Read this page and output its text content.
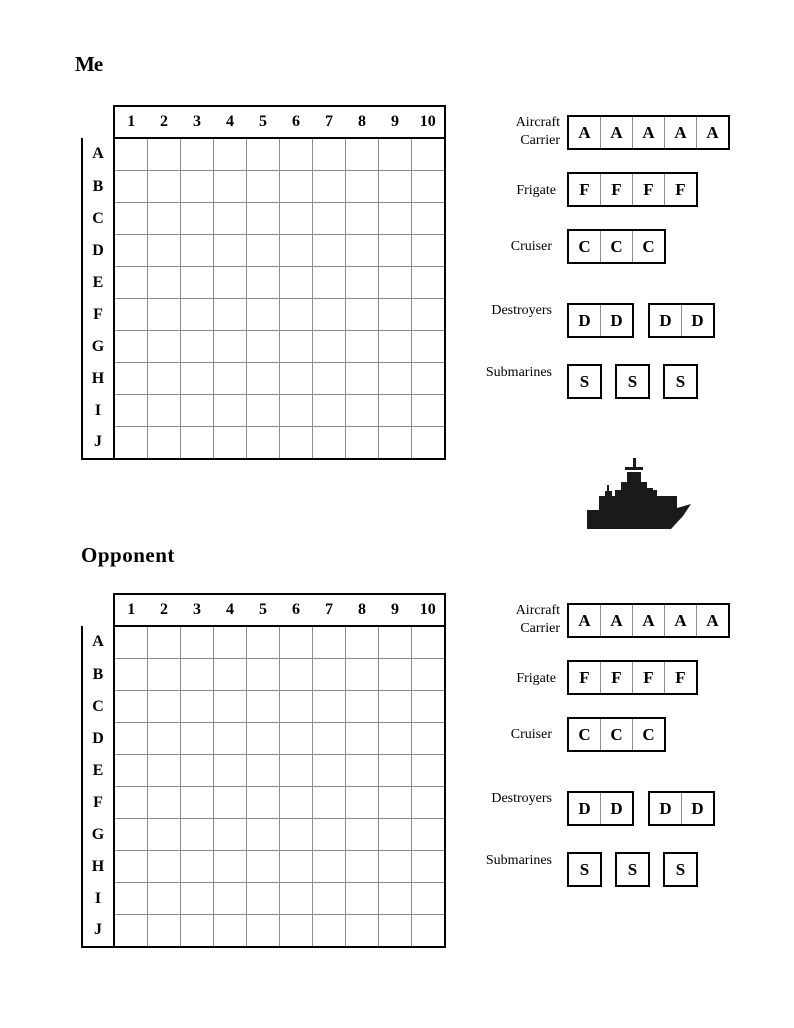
Me
	1	2	3	4	5	6	7	8	9	10
A										
B										
C										
D										
E										
F										
G										
H										
I										
J										
Aircraft
Carrier	A	A	A	A	A
Frigate	F	F	F	F
Cruiser	C	C	C
Destroyers	D	D	D	D
Submarines	S	S	S
Opponent
	1	2	3	4	5	6	7	8	9	10
A										
B										
C										
D										
E										
F										
G										
H										
I										
J										
Aircraft
Carrier	A	A	A	A	A
Frigate	F	F	F	F
Cruiser	C	C	C
Destroyers	D	D	D	D
Submarines	S	S	S
